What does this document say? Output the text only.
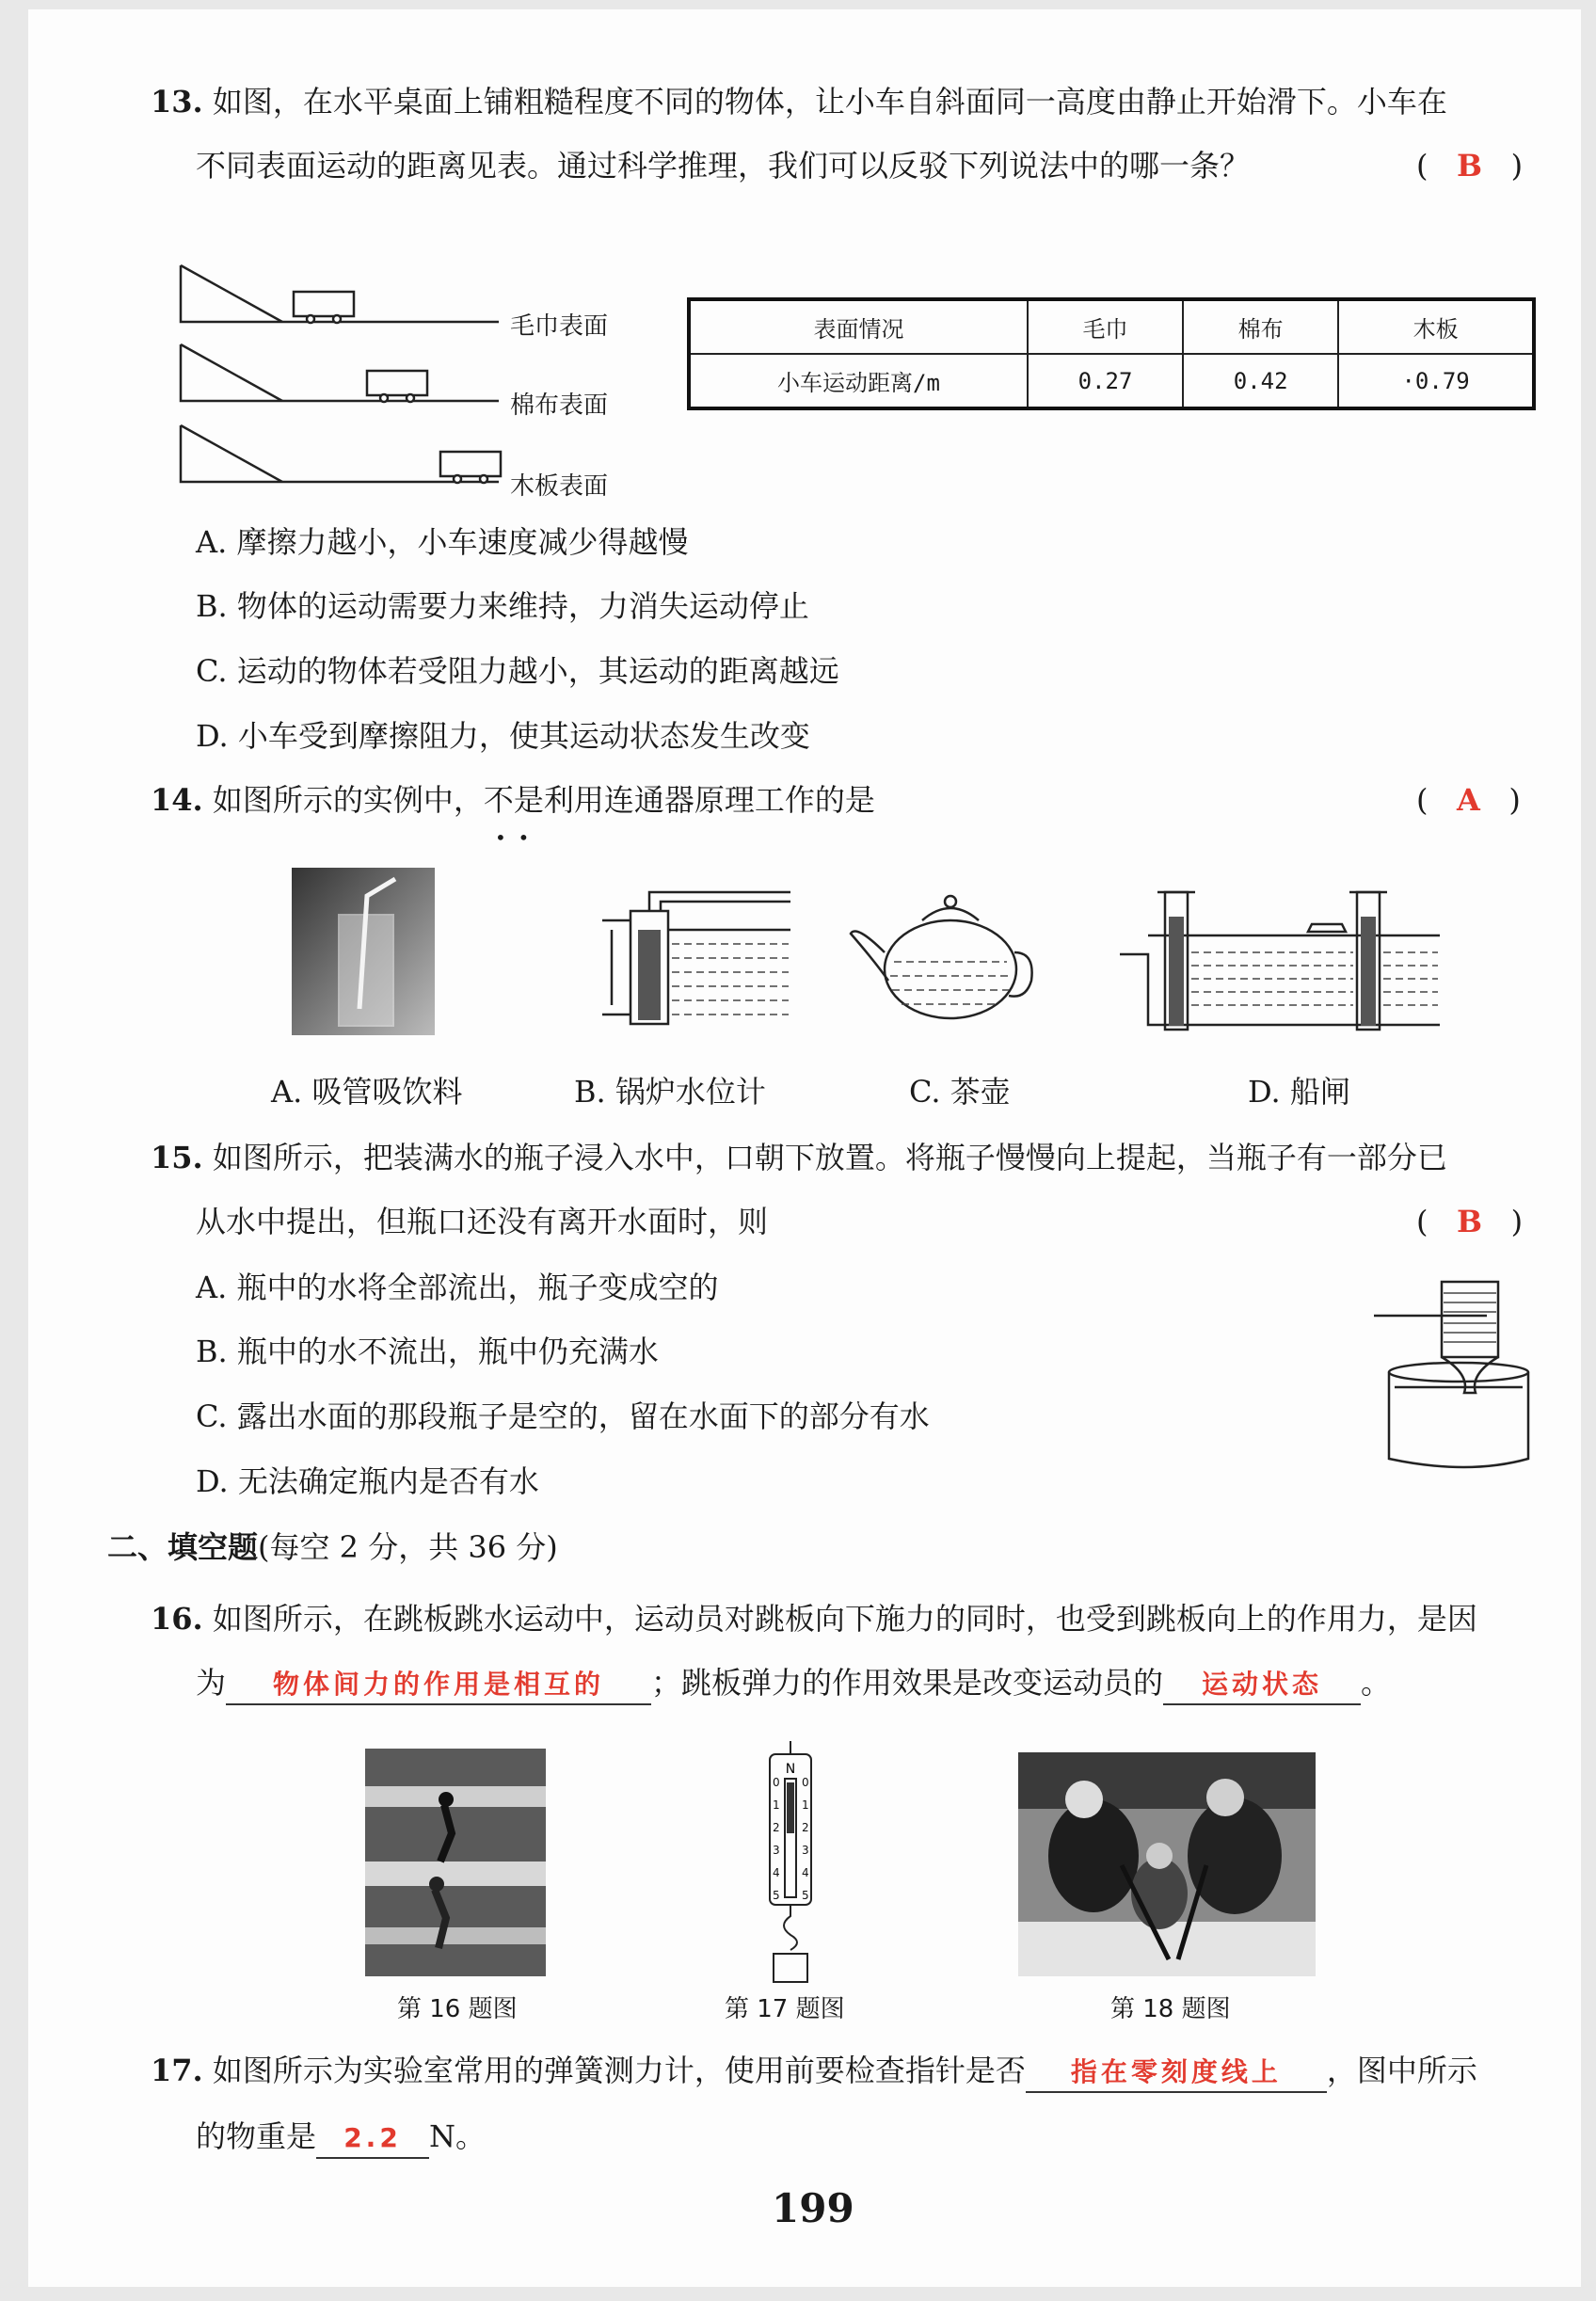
13. 如图，在水平桌面上铺粗糙程度不同的物体，让小车自斜面同一高度由静止开始滑下。小车在
不同表面运动的距离见表。通过科学推理，我们可以反驳下列说法中的哪一条？	(   B   )
毛巾表面
棉布表面
木板表面
表面情况	毛巾	棉布	木板
小车运动距离/m	0.27	0.42	·0.79
A. 摩擦力越小，小车速度减少得越慢
B. 物体的运动需要力来维持，力消失运动停止
C. 运动的物体若受阻力越小，其运动的距离越远
D. 小车受到摩擦阻力，使其运动状态发生改变
14. 如图所示的实例中，不是利用连通器原理工作的是
•  •
(   A   )
A. 吸管吸饮料	B. 锅炉水位计	C. 茶壶	D. 船闸
15. 如图所示，把装满水的瓶子浸入水中，口朝下放置。将瓶子慢慢向上提起，当瓶子有一部分已
从水中提出，但瓶口还没有离开水面时，则	(   B   )
A. 瓶中的水将全部流出，瓶子变成空的
B. 瓶中的水不流出，瓶中仍充满水
C. 露出水面的那段瓶子是空的，留在水面下的部分有水
D. 无法确定瓶内是否有水
二、填空题(每空 2 分，共 36 分)
16. 如图所示，在跳板跳水运动中，运动员对跳板向下施力的同时，也受到跳板向上的作用力，是因
为 物体间力的作用是相互的 ；跳板弹力的作用效果是改变运动员的 运动状态 。
N
0 0
1 1
2 2
3 3
4 4
5 5
第 16 题图	第 17 题图	第 18 题图
17. 如图所示为实验室常用的弹簧测力计，使用前要检查指针是否 指在零刻度线上 ，图中所示
的物重是 2.2 N。
199
